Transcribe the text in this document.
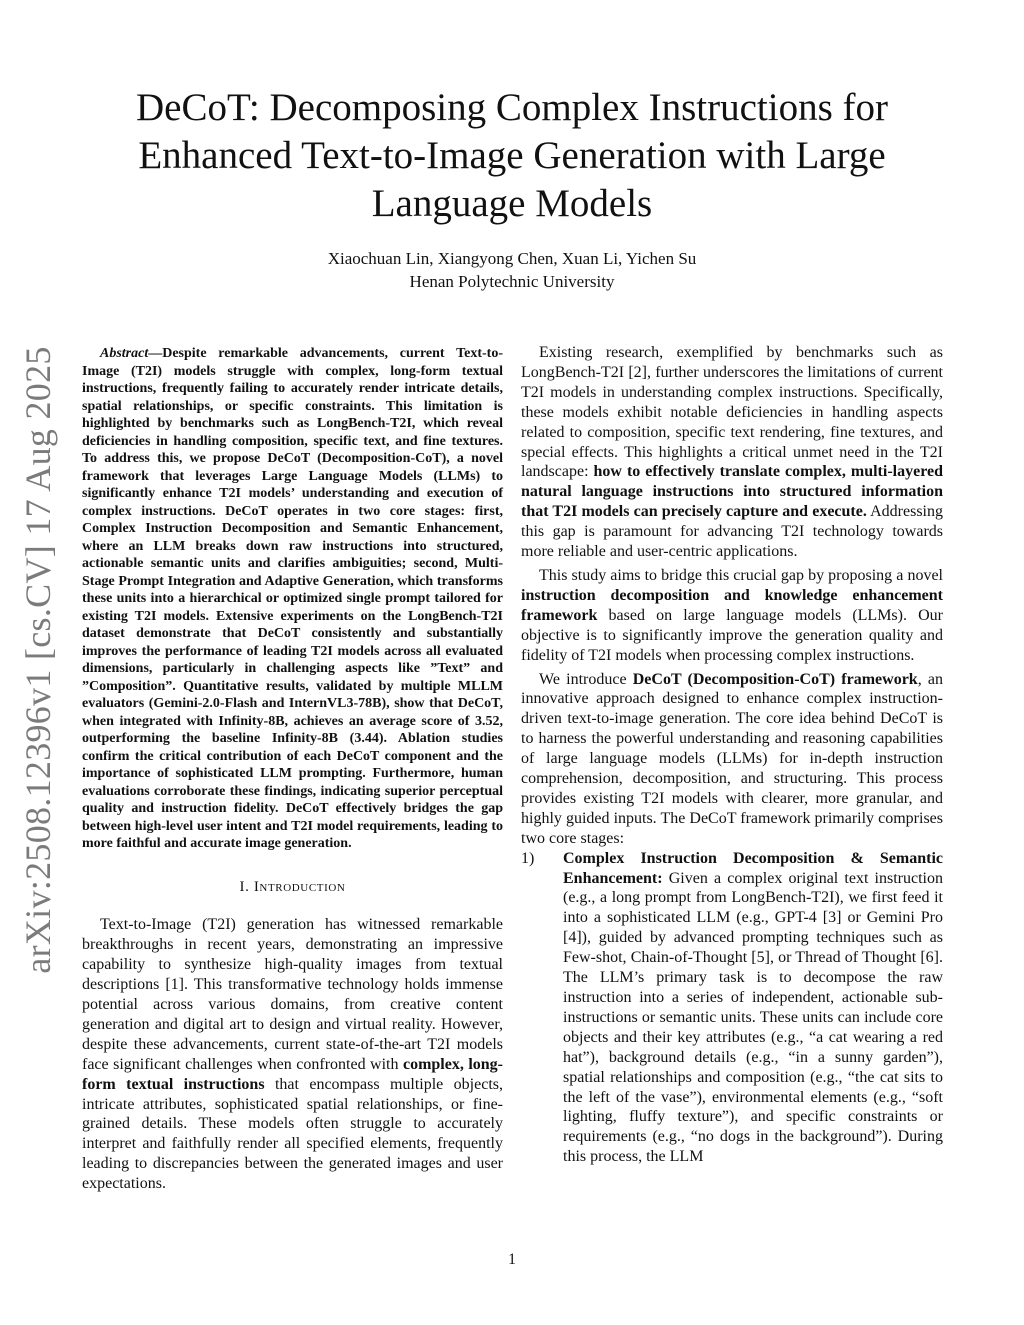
arXiv:2508.12396v1 [cs.CV] 17 Aug 2025
DeCoT: Decomposing Complex Instructions for Enhanced Text-to-Image Generation with Large Language Models
Xiaochuan Lin, Xiangyong Chen, Xuan Li, Yichen Su
Henan Polytechnic University

Abstract—Despite remarkable advancements, current Text-to-Image (T2I) models struggle with complex, long-form textual instructions, frequently failing to accurately render intricate details, spatial relationships, or specific constraints. This limitation is highlighted by benchmarks such as LongBench-T2I, which reveal deficiencies in handling composition, specific text, and fine textures. To address this, we propose DeCoT (Decomposition-CoT), a novel framework that leverages Large Language Models (LLMs) to significantly enhance T2I models’ understanding and execution of complex instructions. DeCoT operates in two core stages: first, Complex Instruction Decomposition and Semantic Enhancement, where an LLM breaks down raw instructions into structured, actionable semantic units and clarifies ambiguities; second, Multi-Stage Prompt Integration and Adaptive Generation, which transforms these units into a hierarchical or optimized single prompt tailored for existing T2I models. Extensive experiments on the LongBench-T2I dataset demonstrate that DeCoT consistently and substantially improves the performance of leading T2I models across all evaluated dimensions, particularly in challenging aspects like ”Text” and ”Composition”. Quantitative results, validated by multiple MLLM evaluators (Gemini-2.0-Flash and InternVL3-78B), show that DeCoT, when integrated with Infinity-8B, achieves an average score of 3.52, outperforming the baseline Infinity-8B (3.44). Ablation studies confirm the critical contribution of each DeCoT component and the importance of sophisticated LLM prompting. Furthermore, human evaluations corroborate these findings, indicating superior perceptual quality and instruction fidelity. DeCoT effectively bridges the gap between high-level user intent and T2I model requirements, leading to more faithful and accurate image generation.

I. Introduction

Text-to-Image (T2I) generation has witnessed remarkable breakthroughs in recent years, demonstrating an impressive capability to synthesize high-quality images from textual descriptions [1]. This transformative technology holds immense potential across various domains, from creative content generation and digital art to design and virtual reality. However, despite these advancements, current state-of-the-art T2I models face significant challenges when confronted with complex, long-form textual instructions that encompass multiple objects, intricate attributes, sophisticated spatial relationships, or fine-grained details. These models often struggle to accurately interpret and faithfully render all specified elements, frequently leading to discrepancies between the generated images and user expectations.

Existing research, exemplified by benchmarks such as LongBench-T2I [2], further underscores the limitations of current T2I models in understanding complex instructions. Specifically, these models exhibit notable deficiencies in handling aspects related to composition, specific text rendering, fine textures, and special effects. This highlights a critical unmet need in the T2I landscape: how to effectively translate complex, multi-layered natural language instructions into structured information that T2I models can precisely capture and execute. Addressing this gap is paramount for advancing T2I technology towards more reliable and user-centric applications.

This study aims to bridge this crucial gap by proposing a novel instruction decomposition and knowledge enhancement framework based on large language models (LLMs). Our objective is to significantly improve the generation quality and fidelity of T2I models when processing complex instructions.

We introduce DeCoT (Decomposition-CoT) framework, an innovative approach designed to enhance complex instruction-driven text-to-image generation. The core idea behind DeCoT is to harness the powerful understanding and reasoning capabilities of large language models (LLMs) for in-depth instruction comprehension, decomposition, and structuring. This process provides existing T2I models with clearer, more granular, and highly guided inputs. The DeCoT framework primarily comprises two core stages:

1) Complex Instruction Decomposition & Semantic Enhancement: Given a complex original text instruction (e.g., a long prompt from LongBench-T2I), we first feed it into a sophisticated LLM (e.g., GPT-4 [3] or Gemini Pro [4]), guided by advanced prompting techniques such as Few-shot, Chain-of-Thought [5], or Thread of Thought [6]. The LLM’s primary task is to decompose the raw instruction into a series of independent, actionable sub-instructions or semantic units. These units can include core objects and their key attributes (e.g., “a cat wearing a red hat”), background details (e.g., “in a sunny garden”), spatial relationships and composition (e.g., “the cat sits to the left of the vase”), environmental elements (e.g., “soft lighting, fluffy texture”), and specific constraints or requirements (e.g., “no dogs in the background”). During this process, the LLM
1
